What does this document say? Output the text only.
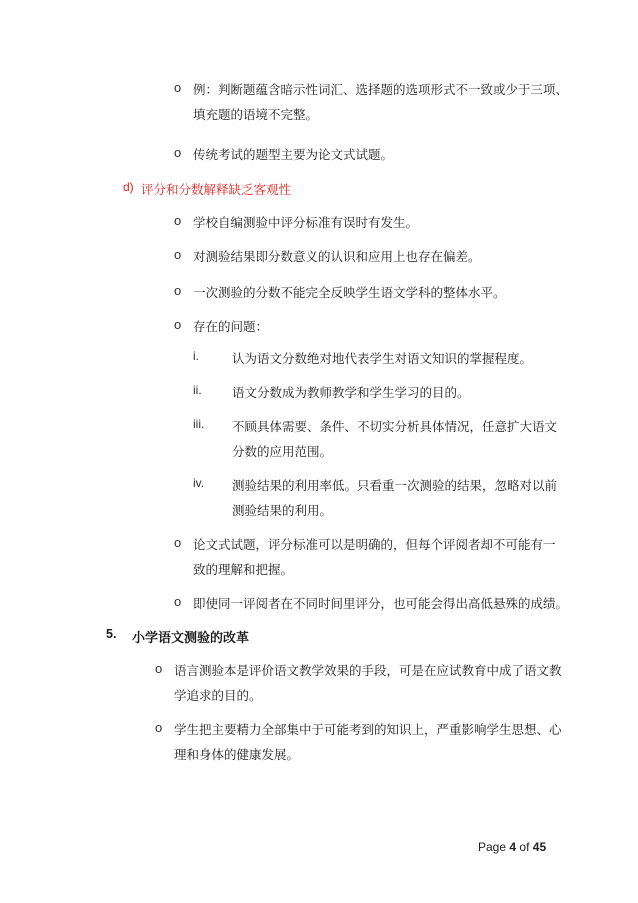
o 例：判断题蕴含暗示性词汇、选择题的选项形式不一致或少于三项、
填充题的语境不完整。
o 传统考试的题型主要为论文式试题。
d) 评分和分数解释缺乏客观性
o 学校自编测验中评分标准有误时有发生。
o 对测验结果即分数意义的认识和应用上也存在偏差。
o 一次测验的分数不能完全反映学生语文学科的整体水平。
o 存在的问题：
i.	认为语文分数绝对地代表学生对语文知识的掌握程度。
ii. 语文分数成为教师教学和学生学习的目的。
iii. 不顾具体需要、条件、不切实分析具体情况，任意扩大语文
分数的应用范围。
iv. 测验结果的利用率低。只看重一次测验的结果，忽略对以前
测验结果的利用。
o 论文式试题，评分标准可以是明确的，但每个评阅者却不可能有一
致的理解和把握。
o 即使同一评阅者在不同时间里评分，也可能会得出高低悬殊的成绩。
5. 小学语文测验的改革
o 语言测验本是评价语文教学效果的手段，可是在应试教育中成了语文教
学追求的目的。
o 学生把主要精力全部集中于可能考到的知识上，严重影响学生思想、心
理和身体的健康发展。
Page 4 of 45
